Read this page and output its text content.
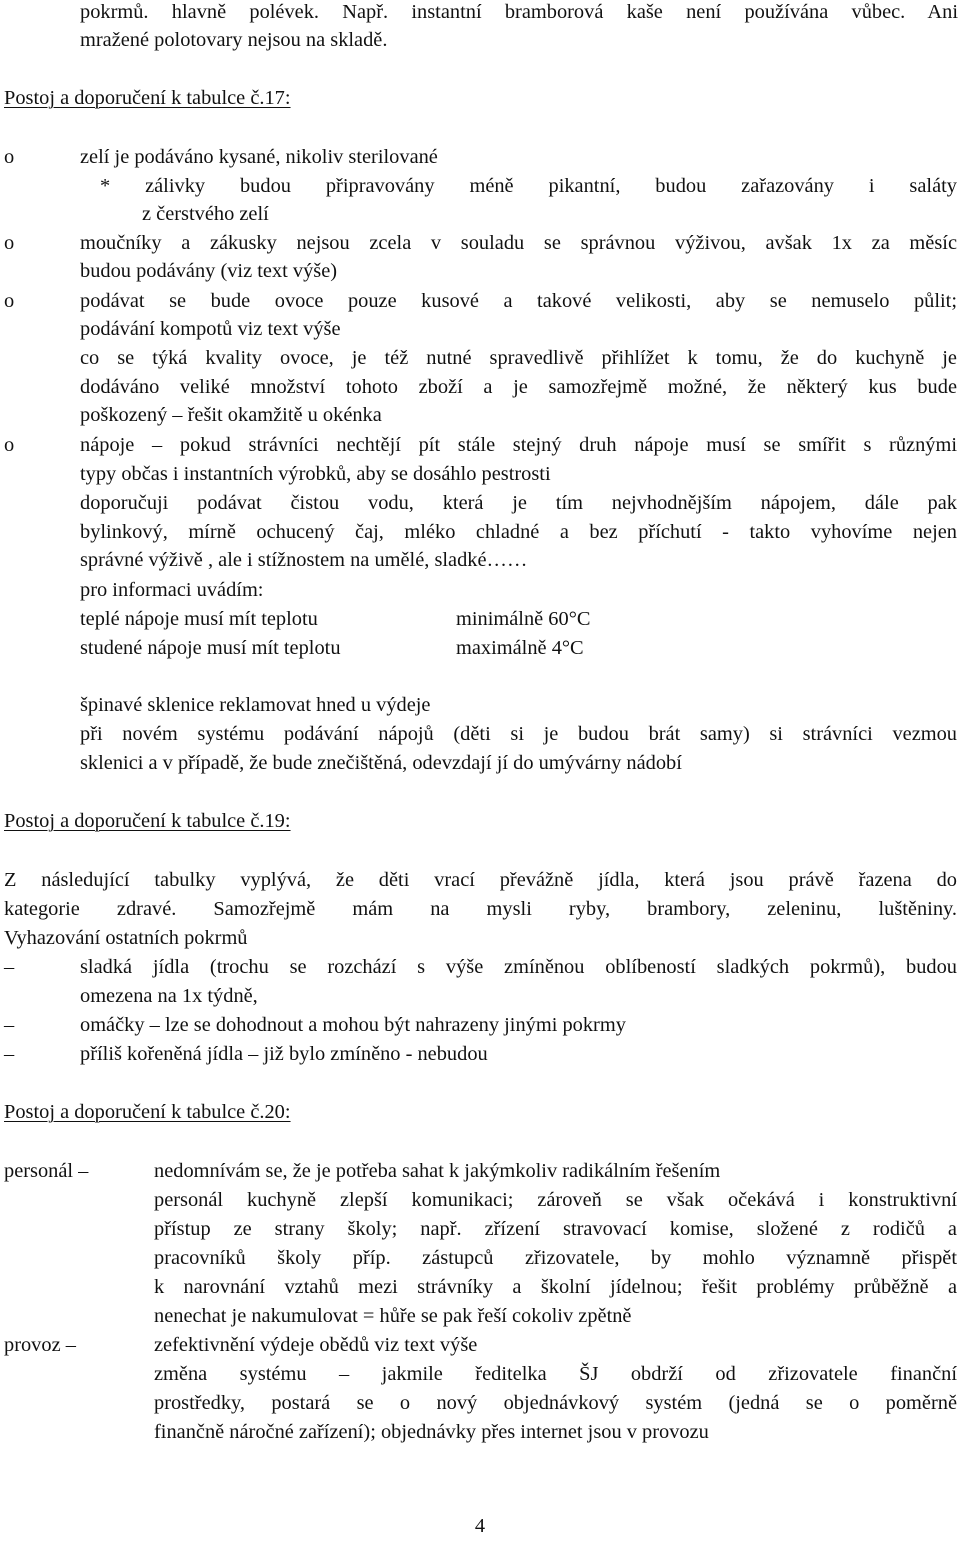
pokrmů. hlavně polévek. Např. instantní bramborová kaše není používána vůbec. Ani
mražené polotovary nejsou na skladě.
Postoj a doporučení k tabulce č.17:
o	zelí je podáváno kysané, nikoliv sterilované
* zálivky budou připravovány méně pikantní, budou zařazovány i saláty
z čerstvého zelí
o	moučníky a zákusky nejsou zcela v souladu se správnou výživou, avšak 1x za měsíc
budou podávány (viz text výše)
o	podávat se bude ovoce pouze kusové a takové velikosti, aby se nemuselo půlit;
podávání kompotů viz text výše
co se týká kvality ovoce, je též nutné spravedlivě přihlížet k tomu, že do kuchyně je
dodáváno veliké množství tohoto zboží a je samozřejmě možné, že některý kus bude
poškozený – řešit okamžitě u okénka
o	nápoje – pokud strávníci nechtějí pít stále stejný druh nápoje musí se smířit s různými
typy občas i instantních výrobků, aby se dosáhlo pestrosti
doporučuji podávat čistou vodu, která je tím nejvhodnějším nápojem, dále pak
bylinkový, mírně ochucený čaj, mléko chladné a bez příchutí - takto vyhovíme nejen
správné výživě , ale i stížnostem na umělé, sladké……
pro informaci uvádím:
teplé nápoje musí mít teplotu	minimálně 60°C
studené nápoje musí mít teplotu	maximálně 4°C
špinavé sklenice reklamovat hned u výdeje
při novém systému podávání nápojů (děti si je budou brát samy) si strávníci vezmou
sklenici a v případě, že bude znečištěná, odevzdají jí do umývárny nádobí
Postoj a doporučení k tabulce č.19:
Z následující tabulky vyplývá, že děti vrací převážně jídla, která jsou právě řazena do
kategorie zdravé. Samozřejmě mám na mysli ryby, brambory, zeleninu, luštěniny.
Vyhazování ostatních pokrmů
–	sladká jídla (trochu se rozchází s výše zmíněnou oblíbeností sladkých pokrmů), budou
omezena na 1x týdně,
–	omáčky – lze se dohodnout a mohou být nahrazeny jinými pokrmy
–	příliš kořeněná jídla – již bylo zmíněno - nebudou
Postoj a doporučení k tabulce č.20:
personál –	nedomnívám se, že je potřeba sahat k jakýmkoliv radikálním řešením
personál kuchyně zlepší komunikaci; zároveň se však očekává i konstruktivní
přístup ze strany školy; např. zřízení stravovací komise, složené z rodičů a
pracovníků školy příp. zástupců zřizovatele, by mohlo významně přispět
k narovnání vztahů mezi strávníky a školní jídelnou; řešit problémy průběžně a
nenechat je nakumulovat = hůře se pak řeší cokoliv zpětně
provoz –	zefektivnění výdeje obědů viz text výše
změna systému – jakmile ředitelka ŠJ obdrží od zřizovatele finanční
prostředky, postará se o nový objednávkový systém (jedná se o poměrně
finančně náročné zařízení); objednávky přes internet jsou v provozu
4
